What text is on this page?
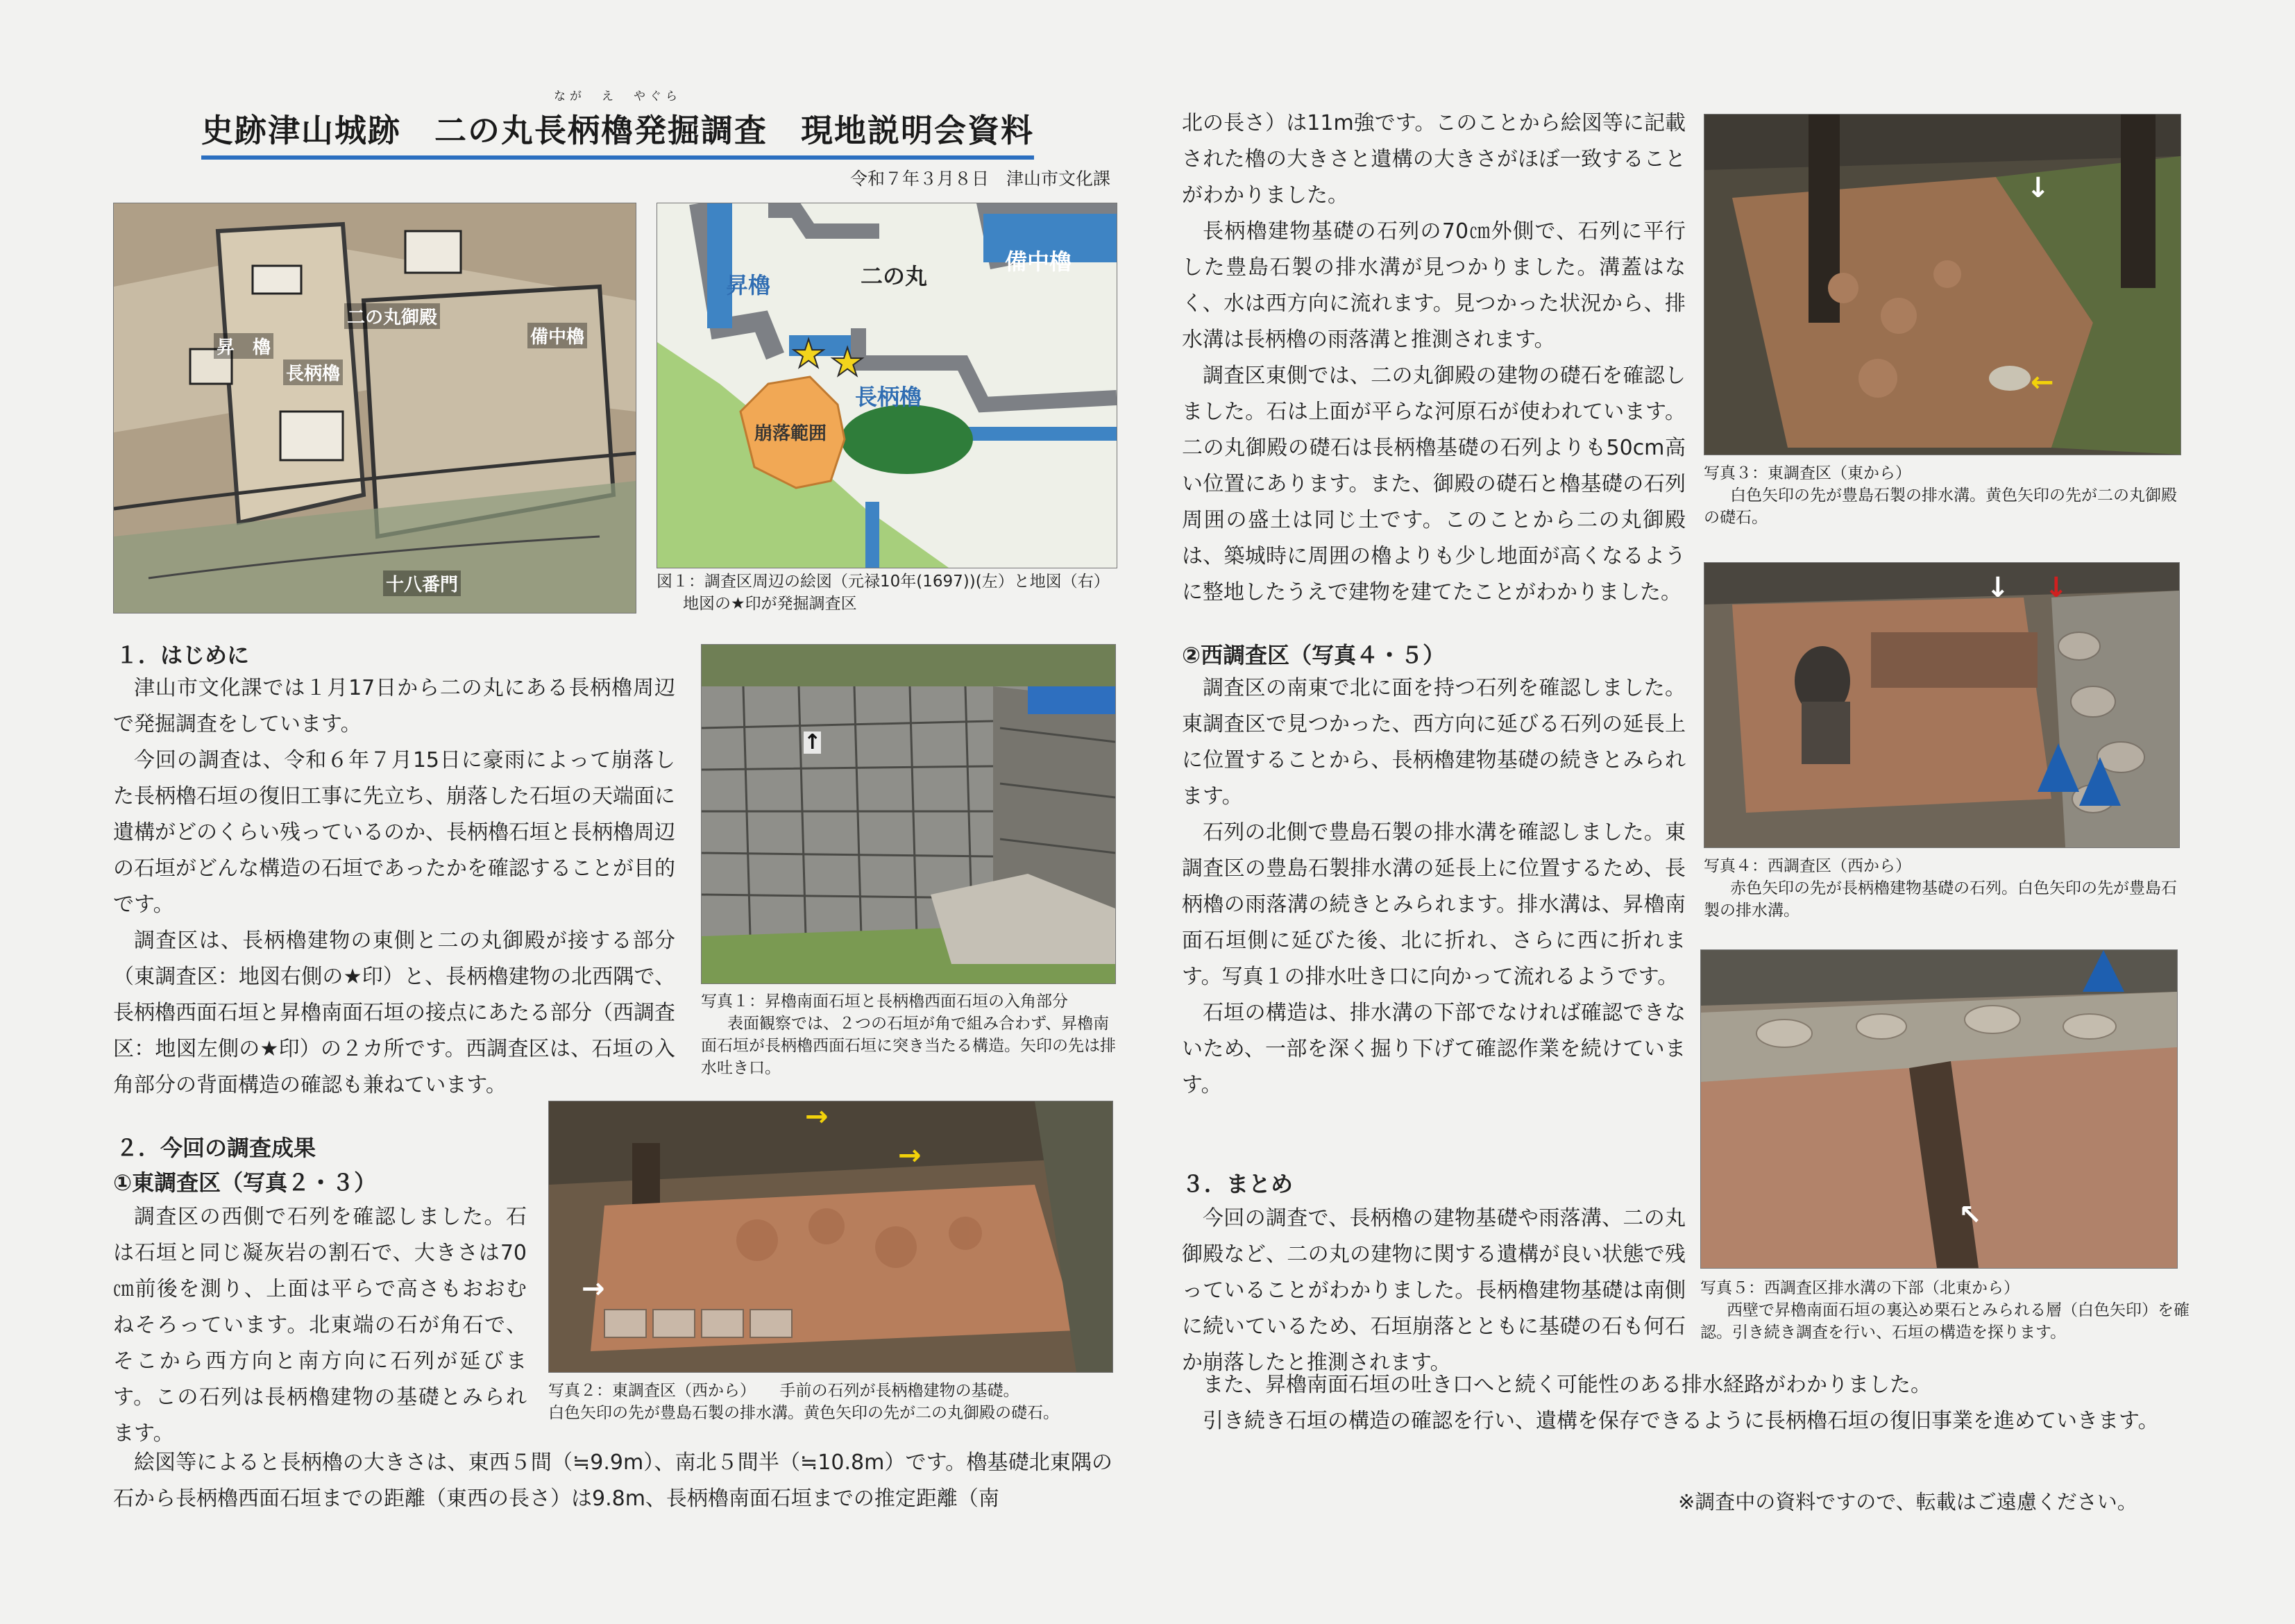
史跡津山城跡　二の丸長柄櫓発掘調査　現地説明会資料
なが　え　やぐら
令和７年３月８日　津山市文化課
二の丸御殿
備中櫓
昇　櫓
長柄櫓
十八番門
昇櫓	二の丸
備中櫓
長柄櫓
崩落範囲
★ ★

図１：調査区周辺の絵図（元禄10年(1697))(左）と地図（右）

地図の★印が発掘調査区

１．はじめに

津山市文化課では１月17日から二の丸にある長柄櫓周辺で発掘調査をしています。

今回の調査は、令和６年７月15日に豪雨によって崩落した長柄櫓石垣の復旧工事に先立ち、崩落した石垣の天端面に遺構がどのくらい残っているのか、長柄櫓石垣と長柄櫓周辺の石垣がどんな構造の石垣であったかを確認することが目的です。

調査区は、長柄櫓建物の東側と二の丸御殿が接する部分（東調査区：地図右側の★印）と、長柄櫓建物の北西隅で、長柄櫓西面石垣と昇櫓南面石垣の接点にあたる部分（西調査区：地図左側の★印）の２カ所です。西調査区は、石垣の入角部分の背面構造の確認も兼ねています。

↑

写真１：昇櫓南面石垣と長柄櫓西面石垣の入角部分

表面観察では、２つの石垣が角で組み合わず、昇櫓南面石垣が長柄櫓西面石垣に突き当たる構造。矢印の先は排水吐き口。

２．今回の調査成果
①東調査区（写真２・３）

調査区の西側で石列を確認しました。石は石垣と同じ凝灰岩の割石で、大きさは70㎝前後を測り、上面は平らで高さもおおむねそろっています。北東端の石が角石で、そこから西方向と南方向に石列が延びます。この石列は長柄櫓建物の基礎とみられます。

絵図等によると長柄櫓の大きさは、東西５間（≒9.9m）、南北５間半（≒10.8m）です。櫓基礎北東隅の石から長柄櫓西面石垣までの距離（東西の長さ）は9.8m、長柄櫓南面石垣までの推定距離（南

→
→
→

写真２：東調査区（西から）　　手前の石列が長柄櫓建物の基礎。

白色矢印の先が豊島石製の排水溝。黄色矢印の先が二の丸御殿の礎石。

北の長さ）は11m強です。このことから絵図等に記載された櫓の大きさと遺構の大きさがほぼ一致することがわかりました。

長柄櫓建物基礎の石列の70㎝外側で、石列に平行した豊島石製の排水溝が見つかりました。溝蓋はなく、水は西方向に流れます。見つかった状況から、排水溝は長柄櫓の雨落溝と推測されます。

調査区東側では、二の丸御殿の建物の礎石を確認しました。石は上面が平らな河原石が使われています。二の丸御殿の礎石は長柄櫓基礎の石列よりも50cm高い位置にあります。また、御殿の礎石と櫓基礎の石列周囲の盛土は同じ土です。このことから二の丸御殿は、築城時に周囲の櫓よりも少し地面が高くなるように整地したうえで建物を建てたことがわかりました。

②西調査区（写真４・５）

調査区の南東で北に面を持つ石列を確認しました。東調査区で見つかった、西方向に延びる石列の延長上に位置することから、長柄櫓建物基礎の続きとみられます。

石列の北側で豊島石製の排水溝を確認しました。東調査区の豊島石製排水溝の延長上に位置するため、長柄櫓の雨落溝の続きとみられます。排水溝は、昇櫓南面石垣側に延びた後、北に折れ、さらに西に折れます。写真１の排水吐き口に向かって流れるようです。

石垣の構造は、排水溝の下部でなければ確認できないため、一部を深く掘り下げて確認作業を続けています。

３．まとめ

今回の調査で、長柄櫓の建物基礎や雨落溝、二の丸御殿など、二の丸の建物に関する遺構が良い状態で残っていることがわかりました。長柄櫓建物基礎は南側に続いているため、石垣崩落とともに基礎の石も何石か崩落したと推測されます。

また、昇櫓南面石垣の吐き口へと続く可能性のある排水経路がわかりました。

引き続き石垣の構造の確認を行い、遺構を保存できるように長柄櫓石垣の復旧事業を進めていきます。

※調査中の資料ですので、転載はご遠慮ください。
↓
←

写真３：東調査区（東から）

白色矢印の先が豊島石製の排水溝。黄色矢印の先が二の丸御殿の礎石。

↓ ↓

写真４：西調査区（西から）

赤色矢印の先が長柄櫓建物基礎の石列。白色矢印の先が豊島石製の排水溝。

↖

写真５：西調査区排水溝の下部（北東から）

西壁で昇櫓南面石垣の裏込め栗石とみられる層（白色矢印）を確認。引き続き調査を行い、石垣の構造を探ります。
